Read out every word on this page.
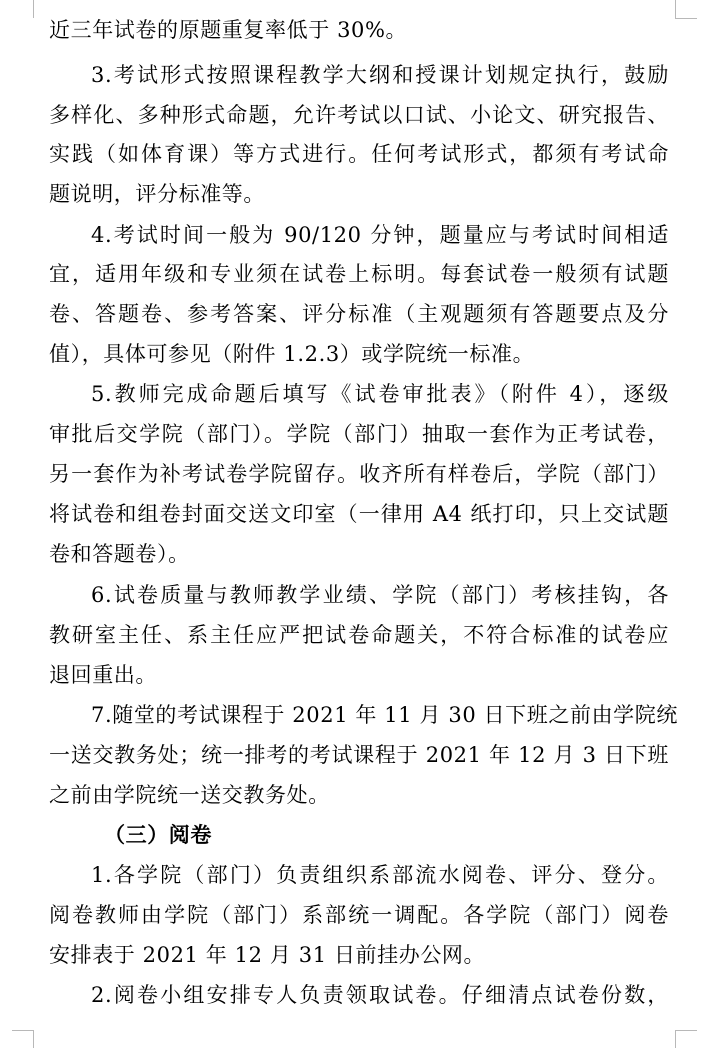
近三年试卷的原题重复率低于 30%。
3.考试形式按照课程教学大纲和授课计划规定执行，鼓励
多样化、多种形式命题，允许考试以口试、小论文、研究报告、
实践（如体育课）等方式进行。任何考试形式，都须有考试命
题说明，评分标准等。
4.考试时间一般为 90/120 分钟，题量应与考试时间相适
宜，适用年级和专业须在试卷上标明。每套试卷一般须有试题
卷、答题卷、参考答案、评分标准（主观题须有答题要点及分
值），具体可参见（附件 1.2.3）或学院统一标准。
5.教师完成命题后填写《试卷审批表》（附件 4），逐级
审批后交学院（部门）。学院（部门）抽取一套作为正考试卷，
另一套作为补考试卷学院留存。收齐所有样卷后，学院（部门）
将试卷和组卷封面交送文印室（一律用 A4 纸打印，只上交试题
卷和答题卷）。
6.试卷质量与教师教学业绩、学院（部门）考核挂钩，各
教研室主任、系主任应严把试卷命题关，不符合标准的试卷应
退回重出。
7.随堂的考试课程于 2021 年 11 月 30 日下班之前由学院统
一送交教务处；统一排考的考试课程于 2021 年 12 月 3 日下班
之前由学院统一送交教务处。
（三）阅卷
1.各学院（部门）负责组织系部流水阅卷、评分、登分。
阅卷教师由学院（部门）系部统一调配。各学院（部门）阅卷
安排表于 2021 年 12 月 31 日前挂办公网。
2.阅卷小组安排专人负责领取试卷。仔细清点试卷份数，
